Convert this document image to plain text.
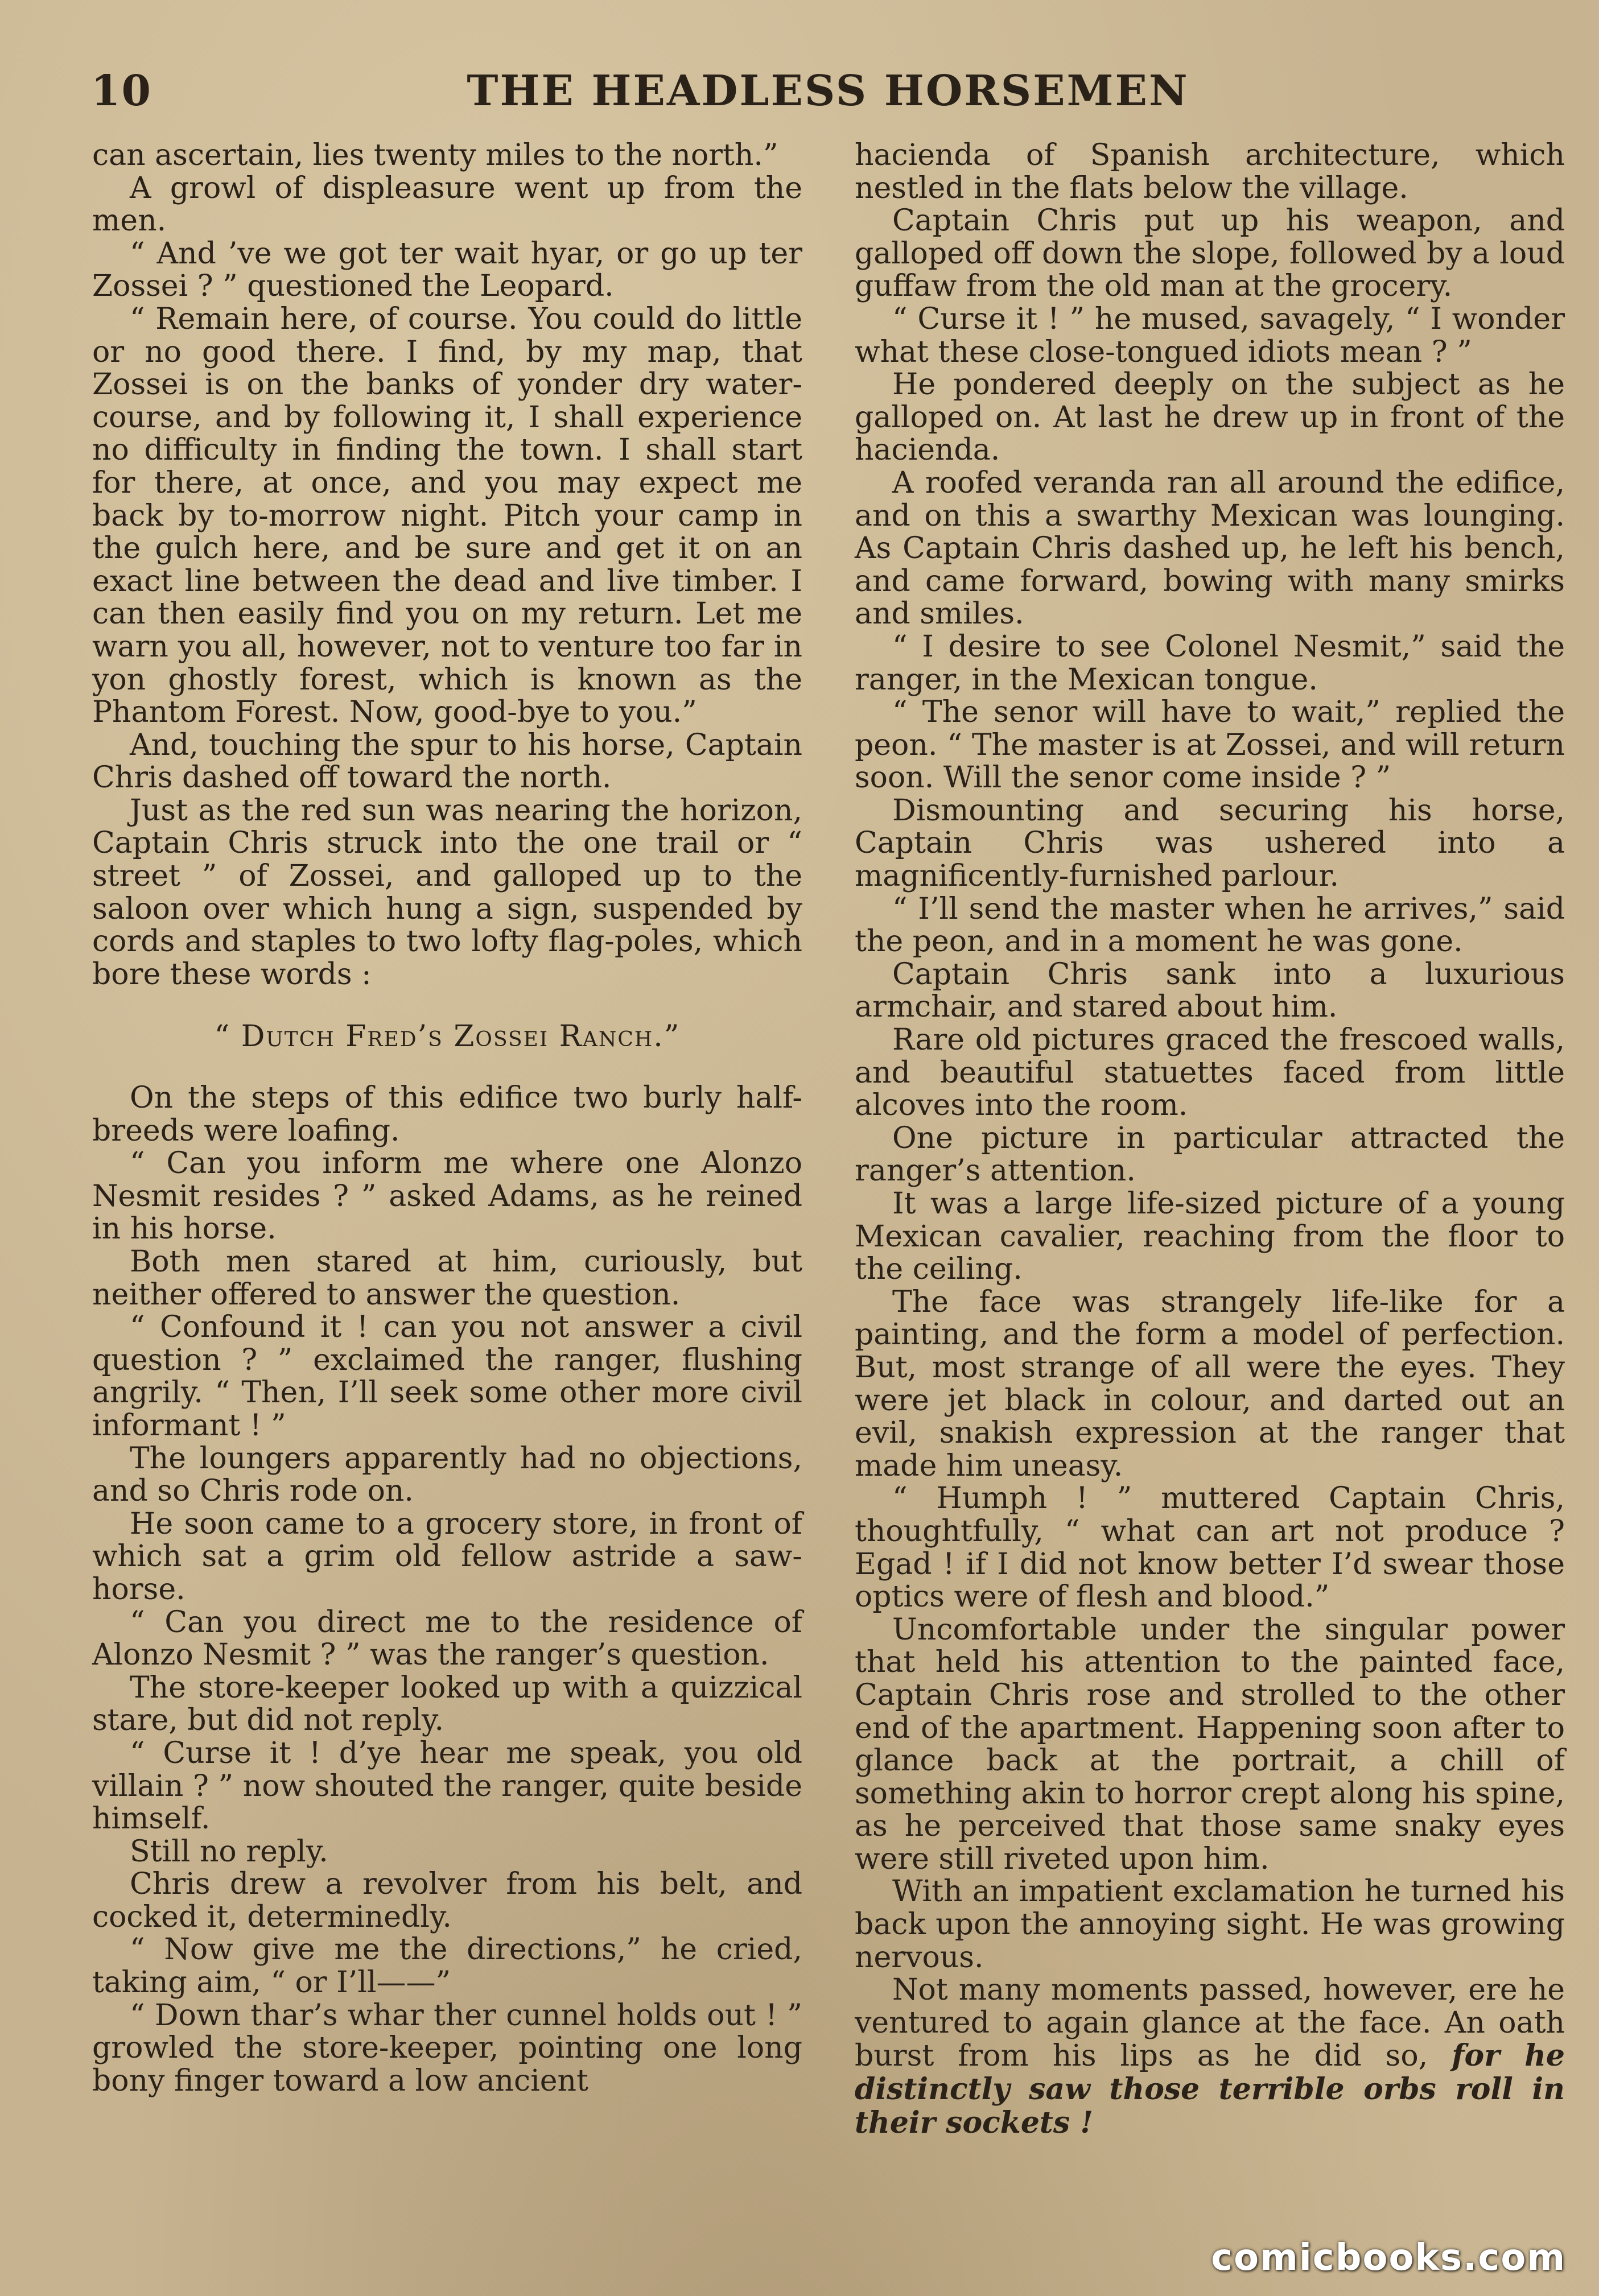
10	THE HEADLESS HORSEMEN

can ascertain, lies twenty miles to the north.”

A growl of displeasure went up from the men.

“ And ’ve we got ter wait hyar, or go up ter Zossei ? ” questioned the Leopard.

“ Remain here, of course. You could do little or no good there. I find, by my map, that Zossei is on the banks of yonder dry water-course, and by following it, I shall experience no difficulty in finding the town. I shall start for there, at once, and you may expect me back by to-morrow night. Pitch your camp in the gulch here, and be sure and get it on an exact line between the dead and live timber. I can then easily find you on my return. Let me warn you all, however, not to venture too far in yon ghostly forest, which is known as the Phantom Forest. Now, good-bye to you.”

And, touching the spur to his horse, Captain Chris dashed off toward the north.

Just as the red sun was nearing the horizon, Captain Chris struck into the one trail or “ street ” of Zossei, and galloped up to the saloon over which hung a sign, suspended by cords and staples to two lofty flag-poles, which bore these words :

“ Dutch Fred’s Zossei Ranch.”

On the steps of this edifice two burly half-breeds were loafing.

“ Can you inform me where one Alonzo Nesmit resides ? ” asked Adams, as he reined in his horse.

Both men stared at him, curiously, but neither offered to answer the question.

“ Confound it ! can you not answer a civil question ? ” exclaimed the ranger, flushing angrily. “ Then, I’ll seek some other more civil informant ! ”

The loungers apparently had no objections, and so Chris rode on.

He soon came to a grocery store, in front of which sat a grim old fellow astride a saw-horse.

“ Can you direct me to the residence of Alonzo Nesmit ? ” was the ranger’s question.

The store-keeper looked up with a quizzical stare, but did not reply.

“ Curse it ! d’ye hear me speak, you old villain ? ” now shouted the ranger, quite beside himself.

Still no reply.

Chris drew a revolver from his belt, and cocked it, determinedly.

“ Now give me the directions,” he cried, taking aim, “ or I’ll——”

“ Down thar’s whar ther cunnel holds out ! ” growled the store-keeper, pointing one long bony finger toward a low ancient

hacienda of Spanish architecture, which nestled in the flats below the village.

Captain Chris put up his weapon, and galloped off down the slope, followed by a loud guffaw from the old man at the grocery.

“ Curse it ! ” he mused, savagely, “ I wonder what these close-tongued idiots mean ? ”

He pondered deeply on the subject as he galloped on. At last he drew up in front of the hacienda.

A roofed veranda ran all around the edifice, and on this a swarthy Mexican was lounging. As Captain Chris dashed up, he left his bench, and came forward, bowing with many smirks and smiles.

“ I desire to see Colonel Nesmit,” said the ranger, in the Mexican tongue.

“ The senor will have to wait,” replied the peon. “ The master is at Zossei, and will return soon. Will the senor come inside ? ”

Dismounting and securing his horse, Captain Chris was ushered into a magnificently-furnished parlour.

“ I’ll send the master when he arrives,” said the peon, and in a moment he was gone.

Captain Chris sank into a luxurious armchair, and stared about him.

Rare old pictures graced the frescoed walls, and beautiful statuettes faced from little alcoves into the room.

One picture in particular attracted the ranger’s attention.

It was a large life-sized picture of a young Mexican cavalier, reaching from the floor to the ceiling.

The face was strangely life-like for a painting, and the form a model of perfection. But, most strange of all were the eyes. They were jet black in colour, and darted out an evil, snakish expression at the ranger that made him uneasy.

“ Humph ! ” muttered Captain Chris, thoughtfully, “ what can art not produce ? Egad ! if I did not know better I’d swear those optics were of flesh and blood.”

Uncomfortable under the singular power that held his attention to the painted face, Captain Chris rose and strolled to the other end of the apartment. Happening soon after to glance back at the portrait, a chill of something akin to horror crept along his spine, as he perceived that those same snaky eyes were still riveted upon him.

With an impatient exclamation he turned his back upon the annoying sight. He was growing nervous.

Not many moments passed, however, ere he ventured to again glance at the face. An oath burst from his lips as he did so, for he distinctly saw those terrible orbs roll in their sockets !

comicbooks.com
